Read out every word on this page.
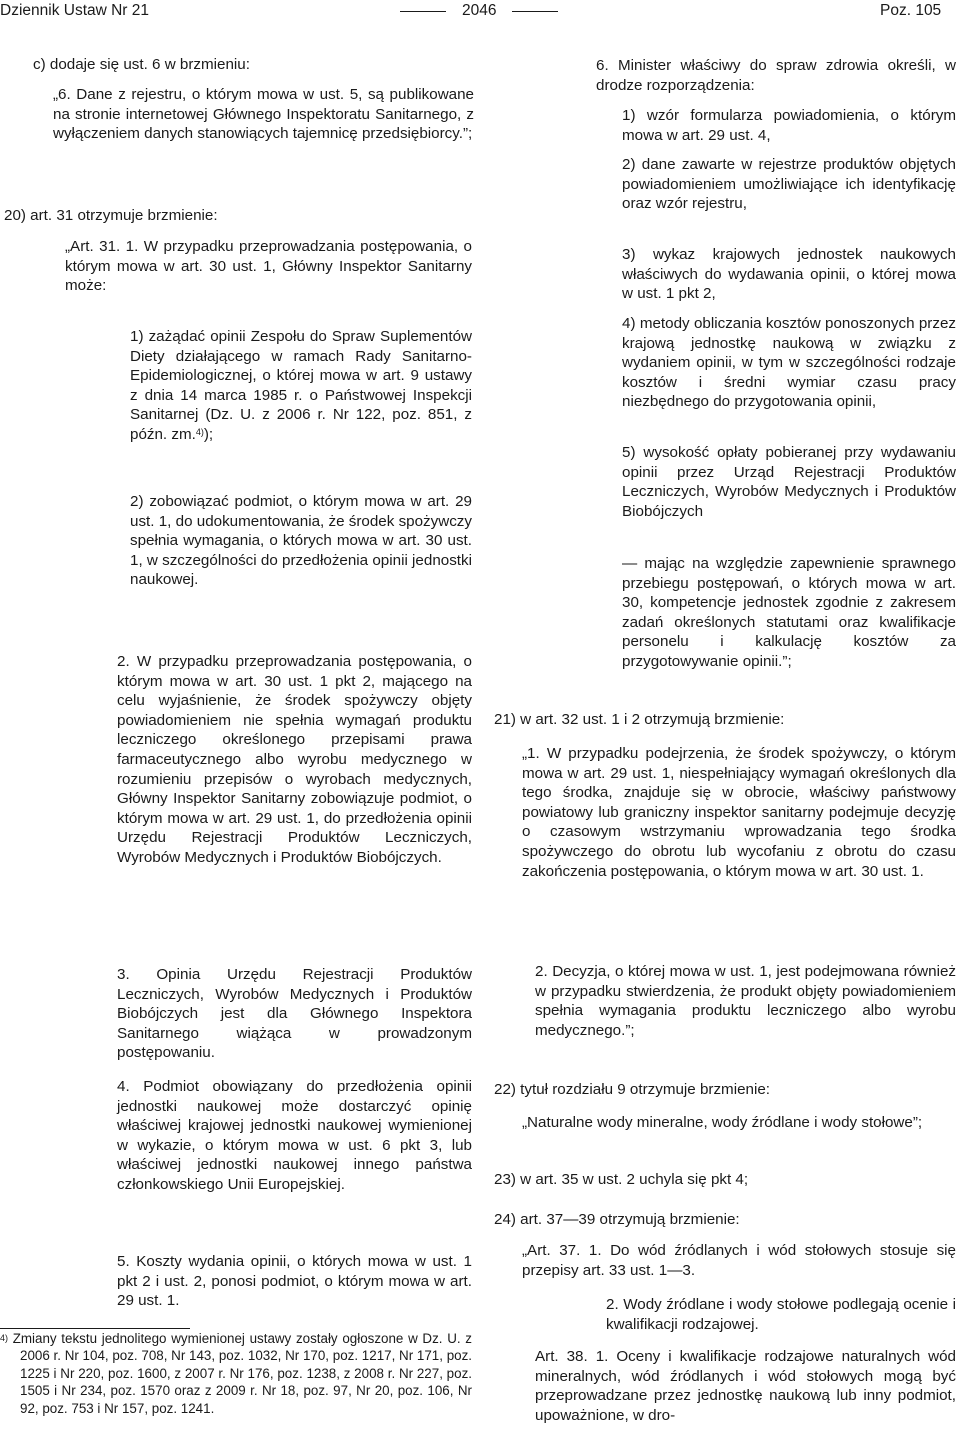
Dziennik Ustaw Nr 21	2046	Poz. 105

c) dodaje się ust. 6 w brzmieniu:

„6. Dane z rejestru, o którym mowa w ust. 5, są publikowane na stronie internetowej Głównego Inspektoratu Sanitarnego, z wyłączeniem danych stanowiących tajemnicę przedsiębiorcy.”;

20) art. 31 otrzymuje brzmienie:

„Art. 31. 1. W przypadku przeprowadzania postępowania, o którym mowa w art. 30 ust. 1, Główny Inspektor Sanitarny może:

1) zażądać opinii Zespołu do Spraw Suplementów Diety działającego w ramach Rady Sanitarno-Epidemiologicznej, o której mowa w art. 9 ustawy z dnia 14 marca 1985 r. o Państwowej Inspekcji Sanitarnej (Dz. U. z 2006 r. Nr 122, poz. 851, z późn. zm.$^{4)}$);

2) zobowiązać podmiot, o którym mowa w art. 29 ust. 1, do udokumentowania, że środek spożywczy spełnia wymagania, o których mowa w art. 30 ust. 1, w szczególności do przedłożenia opinii jednostki naukowej.

2. W przypadku przeprowadzania postępowania, o którym mowa w art. 30 ust. 1 pkt 2, mającego na celu wyjaśnienie, że środek spożywczy objęty powiadomieniem nie spełnia wymagań produktu leczniczego określonego przepisami prawa farmaceutycznego albo wyrobu medycznego w rozumieniu przepisów o wyrobach medycznych, Główny Inspektor Sanitarny zobowiązuje podmiot, o którym mowa w art. 29 ust. 1, do przedłożenia opinii Urzędu Rejestracji Produktów Leczniczych, Wyrobów Medycznych i Produktów Biobójczych.

3. Opinia Urzędu Rejestracji Produktów Leczniczych, Wyrobów Medycznych i Produktów Biobójczych jest dla Głównego Inspektora Sanitarnego wiążąca w prowadzonym postępowaniu.

4. Podmiot obowiązany do przedłożenia opinii jednostki naukowej może dostarczyć opinię właściwej krajowej jednostki naukowej wymienionej w wykazie, o którym mowa w ust. 6 pkt 3, lub właściwej jednostki naukowej innego państwa członkowskiego Unii Europejskiej.

5. Koszty wydania opinii, o których mowa w ust. 1 pkt 2 i ust. 2, ponosi podmiot, o którym mowa w art. 29 ust. 1.

$^{4)}$ Zmiany tekstu jednolitego wymienionej ustawy zostały ogłoszone w Dz. U. z 2006 r. Nr 104, poz. 708, Nr 143, poz. 1032, Nr 170, poz. 1217, Nr 171, poz. 1225 i Nr 220, poz. 1600, z 2007 r. Nr 176, poz. 1238, z 2008 r. Nr 227, poz. 1505 i Nr 234, poz. 1570 oraz z 2009 r. Nr 18, poz. 97, Nr 20, poz. 106, Nr 92, poz. 753 i Nr 157, poz. 1241.

6. Minister właściwy do spraw zdrowia określi, w drodze rozporządzenia:

1) wzór formularza powiadomienia, o którym mowa w art. 29 ust. 4,

2) dane zawarte w rejestrze produktów objętych powiadomieniem umożliwiające ich identyfikację oraz wzór rejestru,

3) wykaz krajowych jednostek naukowych właściwych do wydawania opinii, o której mowa w ust. 1 pkt 2,

4) metody obliczania kosztów ponoszonych przez krajową jednostkę naukową w związku z wydaniem opinii, w tym w szczególności rodzaje kosztów i średni wymiar czasu pracy niezbędnego do przygotowania opinii,

5) wysokość opłaty pobieranej przy wydawaniu opinii przez Urząd Rejestracji Produktów Leczniczych, Wyrobów Medycznych i Produktów Biobójczych

— mając na względzie zapewnienie sprawnego przebiegu postępowań, o których mowa w art. 30, kompetencje jednostek zgodnie z zakresem zadań określonych statutami oraz kwalifikacje personelu i kalkulację kosztów za przygotowywanie opinii.”;

21) w art. 32 ust. 1 i 2 otrzymują brzmienie:

„1. W przypadku podejrzenia, że środek spożywczy, o którym mowa w art. 29 ust. 1, niespełniający wymagań określonych dla tego środka, znajduje się w obrocie, właściwy państwowy powiatowy lub graniczny inspektor sanitarny podejmuje decyzję o czasowym wstrzymaniu wprowadzania tego środka spożywczego do obrotu lub wycofaniu z obrotu do czasu zakończenia postępowania, o którym mowa w art. 30 ust. 1.

2. Decyzja, o której mowa w ust. 1, jest podejmowana również w przypadku stwierdzenia, że produkt objęty powiadomieniem spełnia wymagania produktu leczniczego albo wyrobu medycznego.”;

22) tytuł rozdziału 9 otrzymuje brzmienie:

„Naturalne wody mineralne, wody źródlane i wody stołowe”;

23) w art. 35 w ust. 2 uchyla się pkt 4;

24) art. 37—39 otrzymują brzmienie:

„Art. 37. 1. Do wód źródlanych i wód stołowych stosuje się przepisy art. 33 ust. 1—3.

2. Wody źródlane i wody stołowe podlegają ocenie i kwalifikacji rodzajowej.

Art. 38. 1. Oceny i kwalifikacje rodzajowe naturalnych wód mineralnych, wód źródlanych i wód stołowych mogą być przeprowadzane przez jednostkę naukową lub inny podmiot, upoważnione, w dro-
